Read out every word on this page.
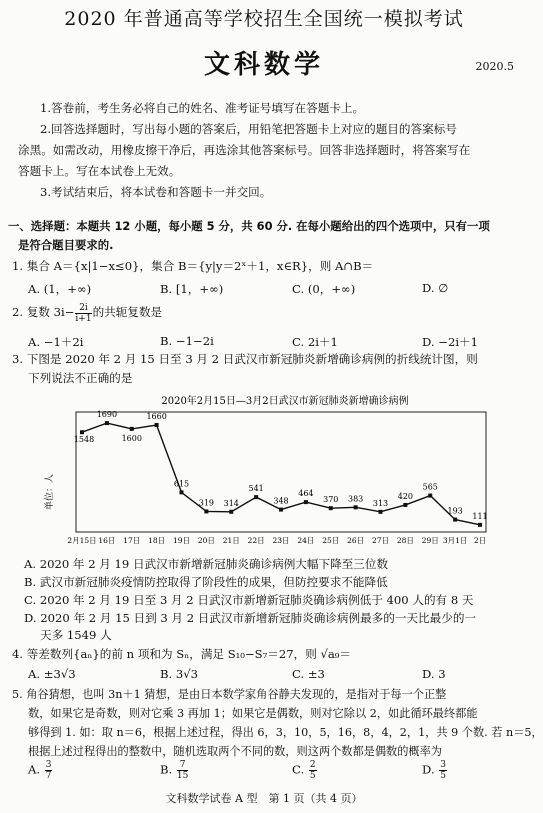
2020 年普通高等学校招生全国统一模拟考试
文科数学	2020.5
1.答卷前，考生务必将自己的姓名、准考证号填写在答题卡上。
2.回答选择题时，写出每小题的答案后，用铅笔把答题卡上对应的题目的答案标号
涂黑。如需改动，用橡皮擦干净后，再选涂其他答案标号。回答非选择题时，将答案写在
答题卡上。写在本试卷上无效。
3.考试结束后，将本试卷和答题卡一并交回。
一、选择题：本题共 12 小题，每小题 5 分，共 60 分. 在每小题给出的四个选项中，只有一项
是符合题目要求的.
1. 集合 A＝{x|1−x≤0}，集合 B＝{y|y＝2ˣ＋1，x∈R}，则 A∩B＝
A. (1，+∞)	B. [1，+∞)	C. (0，+∞)	D. ∅
2. 复数 $3i- \frac{2i}{i+1}$ 的共轭复数是
A. −1＋2i	B. −1−2i	C. 2i＋1	D. −2i＋1
3. 下图是 2020 年 2 月 15 日至 3 月 2 日武汉市新冠肺炎新增确诊病例的折线统计图，则
下列说法不正确的是
2020年2月15日—3月2日武汉市新冠肺炎新增确诊病例
单位：人
1548
1690
1600
1660
615
319 314
541
348
464
370 383
313
420
565
193
111
2月15日 16日 17日 18日 19日 20日 21日 22日 23日 24日 25日 26日 27日 28日 29日 3月1日 2日
A. 2020 年 2 月 19 日武汉市新增新冠肺炎确诊病例大幅下降至三位数
B. 武汉市新冠肺炎疫情防控取得了阶段性的成果，但防控要求不能降低
C. 2020 年 2 月 19 日至 3 月 2 日武汉市新增新冠肺炎确诊病例低于 400 人的有 8 天
D. 2020 年 2 月 15 日到 3 月 2 日武汉市新增新冠肺炎确诊病例最多的一天比最少的一
天多 1549 人
4. 等差数列{aₙ}的前 n 项和为 Sₙ，满足 S₁₀−S₇＝27，则 √a₉＝
A. ±3√3	B. 3√3	C. ±3	D. 3
5. 角谷猜想，也叫 3n＋1 猜想，是由日本数学家角谷静夫发现的，是指对于每一个正整
数，如果它是奇数，则对它乘 3 再加 1；如果它是偶数，则对它除以 2，如此循环最终都能
够得到 1. 如：取 n＝6，根据上述过程，得出 6，3，10，5，16，8，4，2，1，共 9 个数. 若 n＝5，
根据上述过程得出的整数中，随机选取两个不同的数，则这两个数都是偶数的概率为
A. $\frac{3}{7}$	B. $\frac{7}{15}$	C. $\frac{2}{5}$	D. $\frac{3}{5}$
文科数学试卷 A 型　第 1 页（共 4 页）
